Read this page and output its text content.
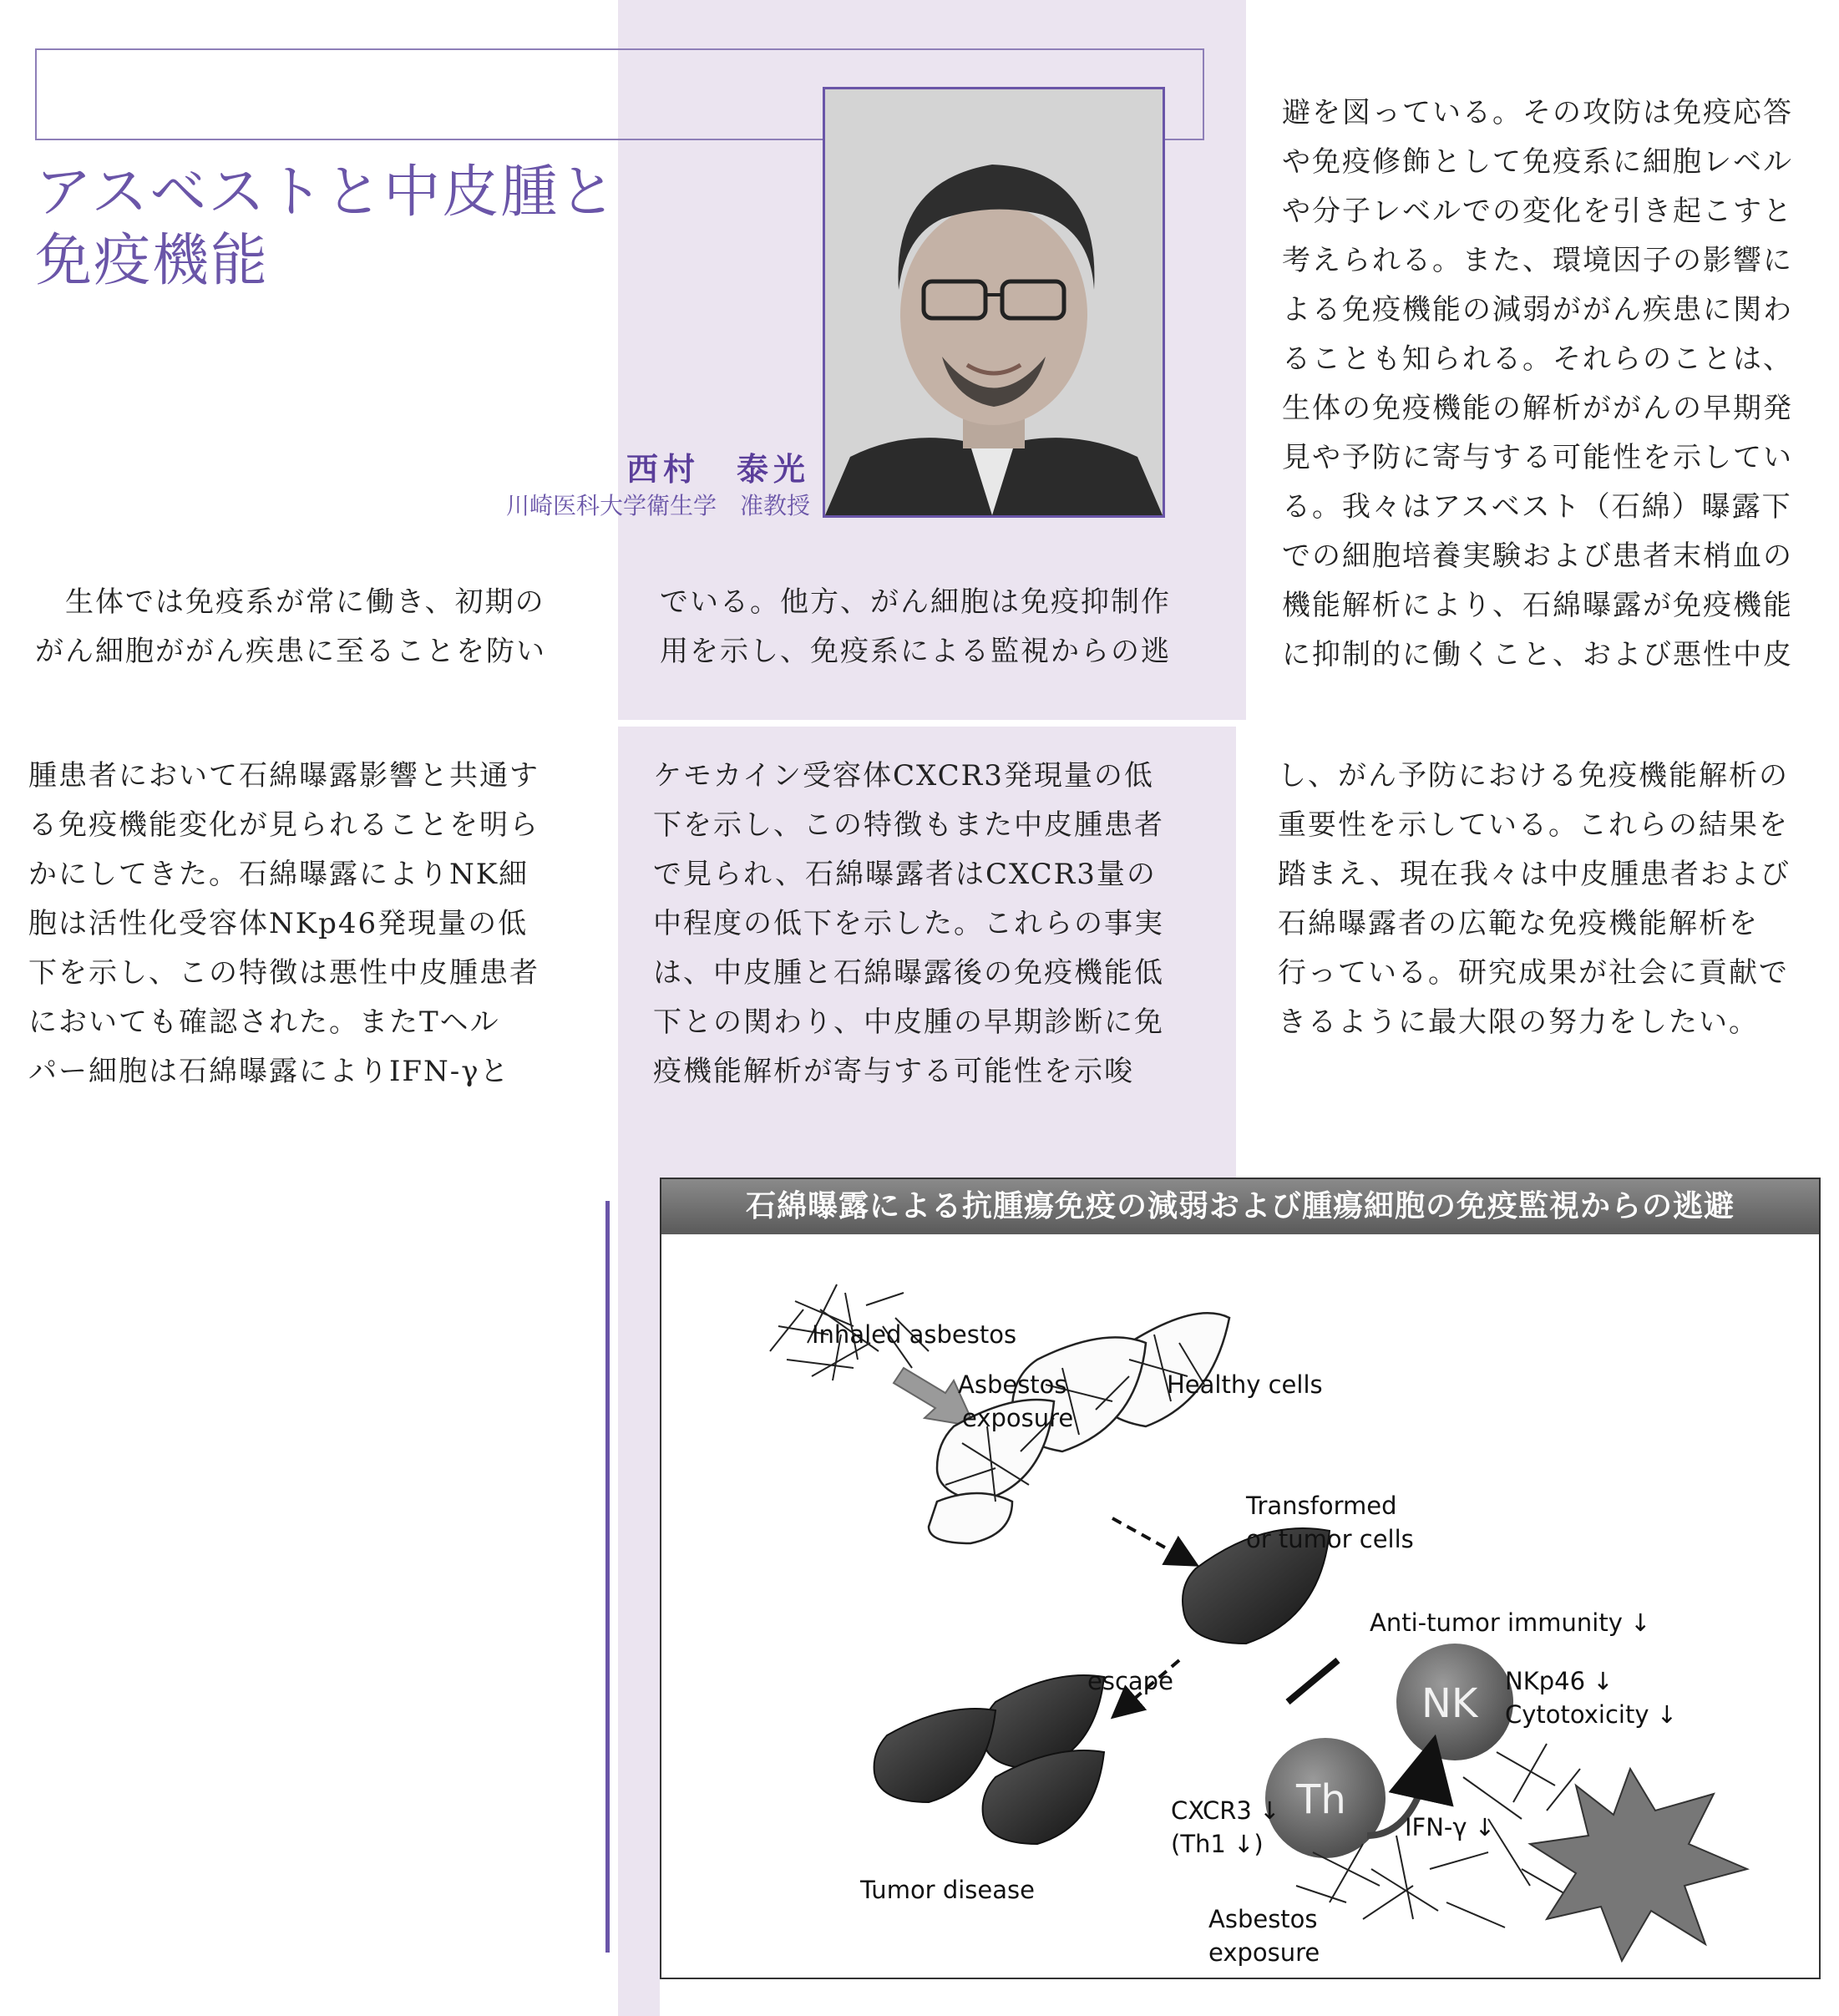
アスベストと中皮腫と
免疫機能
西村　泰光
川崎医科大学衛生学　准教授
　生体では免疫系が常に働き、初期の
がん細胞ががん疾患に至ることを防い
でいる。他方、がん細胞は免疫抑制作
用を示し、免疫系による監視からの逃
避を図っている。その攻防は免疫応答
や免疫修飾として免疫系に細胞レベル
や分子レベルでの変化を引き起こすと
考えられる。また、環境因子の影響に
よる免疫機能の減弱ががん疾患に関わ
ることも知られる。それらのことは、
生体の免疫機能の解析ががんの早期発
見や予防に寄与する可能性を示してい
る。我々はアスベスト（石綿）曝露下
での細胞培養実験および患者末梢血の
機能解析により、石綿曝露が免疫機能
に抑制的に働くこと、および悪性中皮
腫患者において石綿曝露影響と共通す
る免疫機能変化が見られることを明ら
かにしてきた。石綿曝露によりNK細
胞は活性化受容体NKp46発現量の低
下を示し、この特徴は悪性中皮腫患者
においても確認された。またTヘル
パー細胞は石綿曝露によりIFN-γと
ケモカイン受容体CXCR3発現量の低
下を示し、この特徴もまた中皮腫患者
で見られ、石綿曝露者はCXCR3量の
中程度の低下を示した。これらの事実
は、中皮腫と石綿曝露後の免疫機能低
下との関わり、中皮腫の早期診断に免
疫機能解析が寄与する可能性を示唆
し、がん予防における免疫機能解析の
重要性を示している。これらの結果を
踏まえ、現在我々は中皮腫患者および
石綿曝露者の広範な免疫機能解析を
行っている。研究成果が社会に貢献で
きるように最大限の努力をしたい。
石綿曝露による抗腫瘍免疫の減弱および腫瘍細胞の免疫監視からの逃避
Inhaled asbestos
Asbestos
exposure
Healthy cells
Transformed
or tumor cells
Anti-tumor immunity ↓
escape	NKp46 ↓
Cytotoxicity ↓
NK
Th
CXCR3 ↓
(Th1 ↓)
IFN-γ ↓
Tumor disease
Asbestos
exposure
